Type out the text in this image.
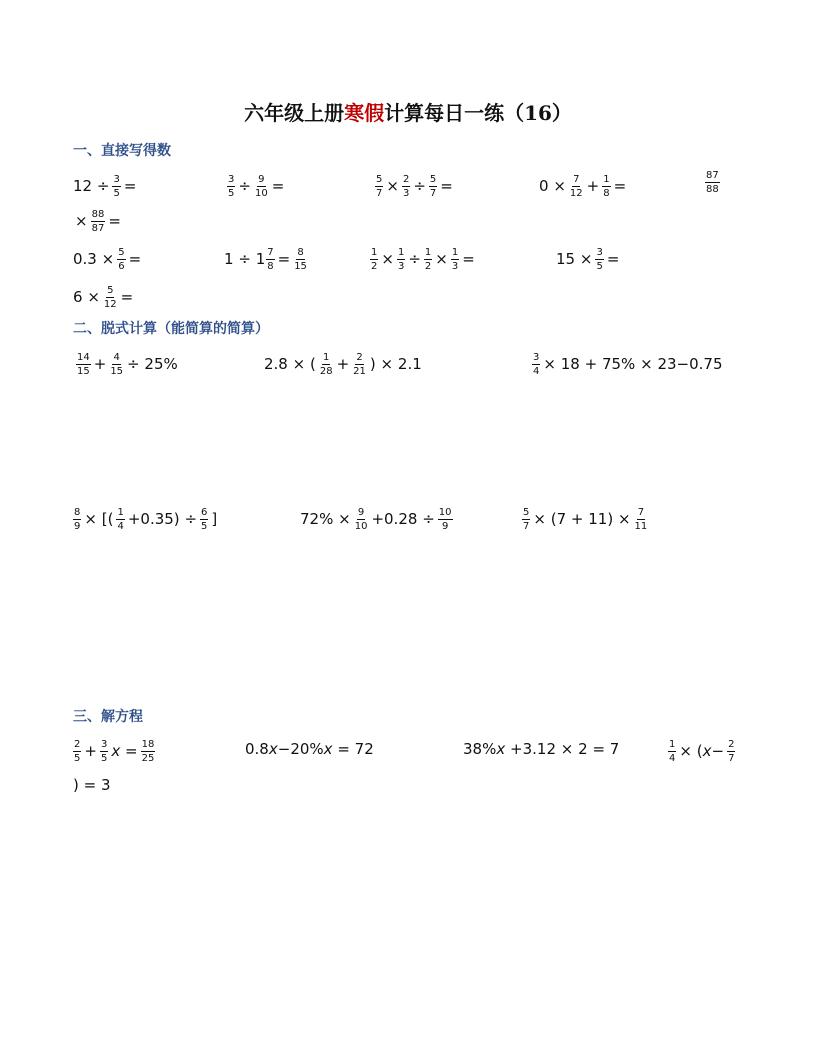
六年级上册寒假计算每日一练（16）
一、直接写得数
12
÷ $\frac{3}{5}$ =	$\frac{3}{5} \div \frac{9}{10}$ =	$\frac{5}{7} \times \frac{2}{3} \div \frac{5}{7}$ =	0
× $\frac{7}{12} + \frac{1}{8}$ =	$\frac{87}{88}$
× $\frac{88}{87}$ =
0.3
× $\frac{5}{6}$ =	1
÷
$1 \frac{7}{8} = \frac{8}{15}$	$\frac{1}{2} \times \frac{1}{3} \div \frac{1}{2} \times \frac{1}{3}$ =	15
× $\frac{3}{5}$ =
6
× $\frac{5}{12}$ =
二、脱式计算（能简算的简算）
$\frac{14}{15} + \frac{4}{15}$ ÷
25%	2.8
×
( $\frac{1}{28} + \frac{2}{21}$ )
×
2.1	$\frac{3}{4}$ ×
18
+
75%
×
23−0.75
$\frac{8}{9}$ ×
[( $\frac{1}{4} +0.35$)
÷ $\frac{6}{5}$ ]	72%
× $\frac{9}{10} +0.28$
÷ $\frac{10}{9}$	$\frac{5}{7}$ ×
(7 + 11)
× $\frac{7}{11}$
三、解方程
$\frac{2}{5} + \frac{3}{5}$ x
= $\frac{18}{25}$	0.8 x −20% x
= 72	38% x
+3.12
×
2
= 7	$\frac{1}{4}$ ×
( $x - \frac{2}{7}$
) = 3
